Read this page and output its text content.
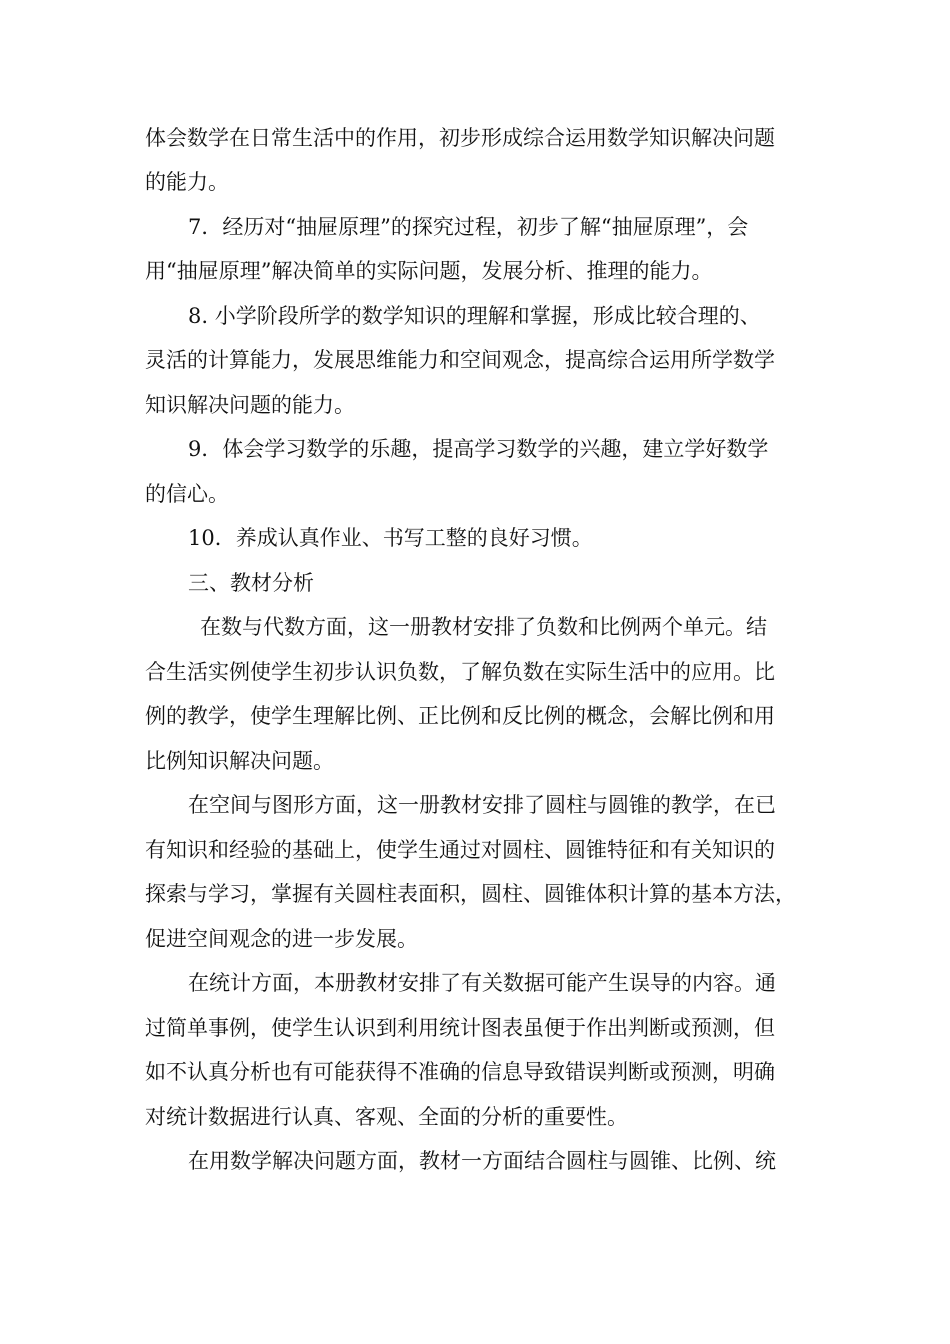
体会数学在日常生活中的作用，初步形成综合运用数学知识解决问题
的能力。
7．经历对“抽屉原理”的探究过程，初步了解“抽屉原理”，会
用“抽屉原理”解决简单的实际问题，发展分析、推理的能力。
8. 小学阶段所学的数学知识的理解和掌握，形成比较合理的、
灵活的计算能力，发展思维能力和空间观念，提高综合运用所学数学
知识解决问题的能力。
9．体会学习数学的乐趣，提高学习数学的兴趣，建立学好数学
的信心。
10．养成认真作业、书写工整的良好习惯。
三、教材分析
在数与代数方面，这一册教材安排了负数和比例两个单元。结
合生活实例使学生初步认识负数，了解负数在实际生活中的应用。比
例的教学，使学生理解比例、正比例和反比例的概念，会解比例和用
比例知识解决问题。
在空间与图形方面，这一册教材安排了圆柱与圆锥的教学，在已
有知识和经验的基础上，使学生通过对圆柱、圆锥特征和有关知识的
探索与学习，掌握有关圆柱表面积，圆柱、圆锥体积计算的基本方法，
促进空间观念的进一步发展。
在统计方面，本册教材安排了有关数据可能产生误导的内容。通
过简单事例，使学生认识到利用统计图表虽便于作出判断或预测，但
如不认真分析也有可能获得不准确的信息导致错误判断或预测，明确
对统计数据进行认真、客观、全面的分析的重要性。
在用数学解决问题方面，教材一方面结合圆柱与圆锥、比例、统
